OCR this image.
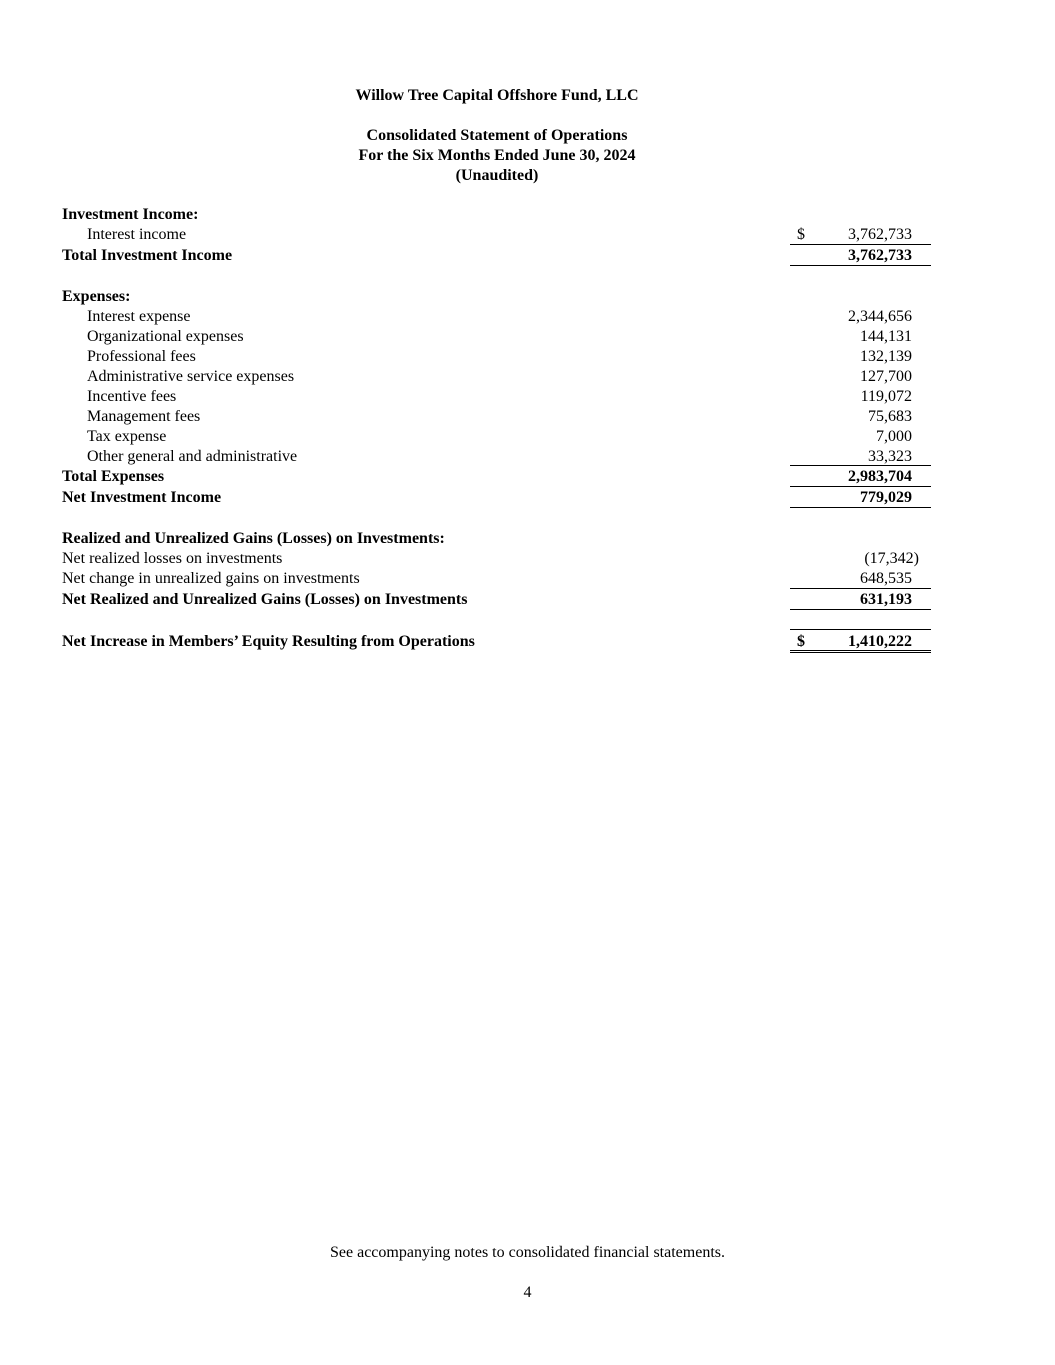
Willow Tree Capital Offshore Fund, LLC
Consolidated Statement of Operations
For the Six Months Ended June 30, 2024
(Unaudited)
Investment Income:
Interest income	$	3,762,733
Total Investment Income	3,762,733
Expenses:
Interest expense	2,344,656
Organizational expenses	144,131
Professional fees	132,139
Administrative service expenses	127,700
Incentive fees	119,072
Management fees	75,683
Tax expense	7,000
Other general and administrative	33,323
Total Expenses	2,983,704
Net Investment Income	779,029
Realized and Unrealized Gains (Losses) on Investments:
Net realized losses on investments	(17,342)
Net change in unrealized gains on investments	648,535
Net Realized and Unrealized Gains (Losses) on Investments	631,193
Net Increase in Members’ Equity Resulting from Operations	$	1,410,222
See accompanying notes to consolidated financial statements.
4
